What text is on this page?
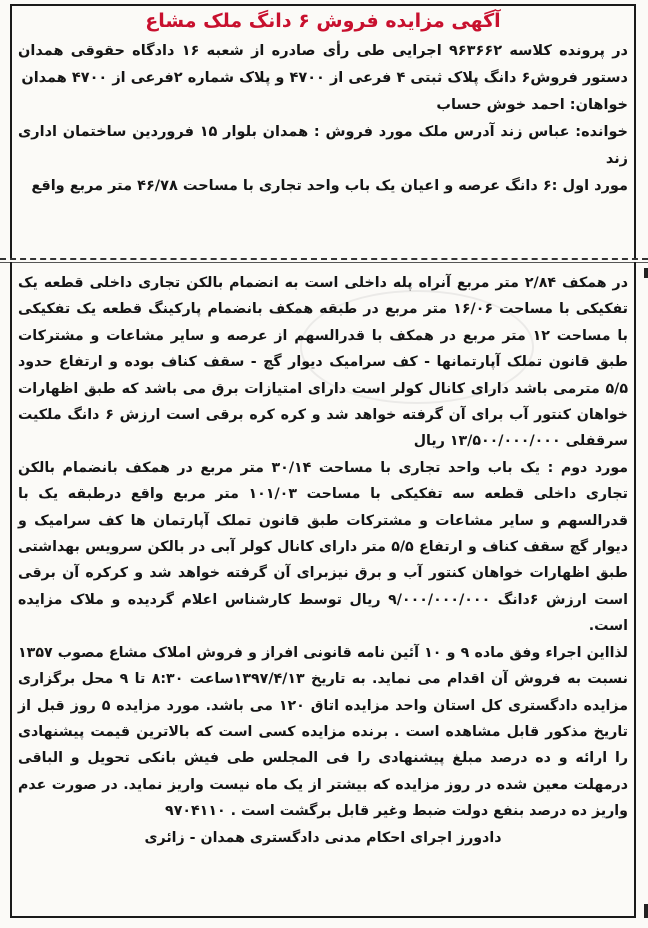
آگهی مزایده فروش ۶ دانگ ملک مشاع

در پرونده کلاسه ۹۶۳۶۶۲ اجرایی طی رأی صادره از شعبه ۱۶ دادگاه حقوقی همدان دستور فروش۶ دانگ پلاک ثبتی ۴ فرعی از ۴۷۰۰ و پلاک شماره ۲فرعی از ۴۷۰۰ همدان

خواهان: احمد خوش حساب

خوانده: عباس زند آدرس ملک مورد فروش : همدان بلوار ۱۵ فروردین ساختمان اداری زند

مورد اول :۶ دانگ عرصه و اعیان یک باب واحد تجاری با مساحت ۴۶/۷۸ متر مربع واقع

در همکف ۲/۸۴ متر مربع آنراه پله داخلی است به انضمام بالکن تجاری داخلی قطعه یک تفکیکی با مساحت ۱۶/۰۶ متر مربع در طبقه همکف بانضمام پارکینگ قطعه یک تفکیکی با مساحت ۱۲ متر مربع در همکف با قدرالسهم از عرصه و سایر مشاعات و مشترکات طبق قانون تملک آپارتمانها - کف سرامیک دیوار گچ - سقف کناف بوده و ارتفاع حدود ۵/۵ مترمی باشد دارای کانال کولر است دارای امتیازات برق می باشد که طبق اظهارات خواهان کنتور آب برای آن گرفته خواهد شد و کره کره برقی است ارزش ۶ دانگ ملکیت سرقفلی ۱۳/۵۰۰/۰۰۰/۰۰۰ ریال

مورد دوم : یک باب واحد تجاری با مساحت ۳۰/۱۴ متر مربع در همکف بانضمام بالکن تجاری داخلی قطعه سه تفکیکی با مساحت ۱۰۱/۰۳ متر مربع واقع درطبقه یک با قدرالسهم و سایر مشاعات و مشترکات طبق قانون تملک آپارتمان ها کف سرامیک و دیوار گچ سقف کناف و ارتفاع ۵/۵ متر دارای کانال کولر آبی در بالکن سرویس بهداشتی طبق اظهارات خواهان کنتور آب و برق نیزبرای آن گرفته خواهد شد و کرکره آن برقی است ارزش ۶دانگ ۹/۰۰۰/۰۰۰/۰۰۰ ریال توسط کارشناس اعلام گردیده و ملاک مزایده است.

لذااین اجراء وفق ماده ۹ و ۱۰ آئین نامه قانونی افراز و فروش املاک مشاع مصوب ۱۳۵۷ نسبت به فروش آن اقدام می نماید. به تاریخ ۱۳۹۷/۴/۱۳ساعت ۸:۳۰ تا ۹ محل برگزاری مزایده دادگستری کل استان واحد مزایده اتاق ۱۲۰ می باشد. مورد مزایده ۵ روز قبل از تاریخ مذکور قابل مشاهده است . برنده مزایده کسی است که بالاترین قیمت پیشنهادی را ارائه و ده درصد مبلغ پیشنهادی را فی المجلس طی فیش بانکی تحویل و الباقی درمهلت معین شده در روز مزایده که بیشتر از یک ماه نیست واریز نماید. در صورت عدم واریز ده درصد بنفع دولت ضبط وغیر قابل برگشت است . ۹۷۰۴۱۱۰

دادورز اجرای احکام مدنی دادگستری همدان - زائری
